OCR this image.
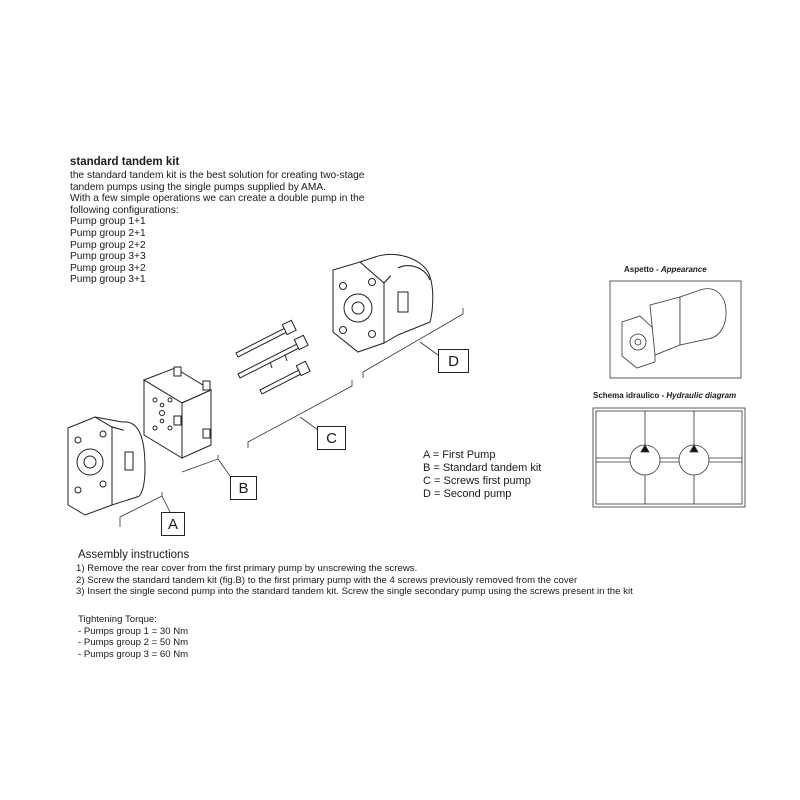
A
B
C
D
standard tandem kit
the standard tandem kit is the best solution for creating two-stage
tandem pumps using the single pumps supplied by AMA.
With a few simple operations we can create a double pump in the
following configurations:
Pump group 1+1
Pump group 2+1
Pump group 2+2
Pump group 3+3
Pump group 3+2
Pump group 3+1
Aspetto - Appearance
Schema idraulico - Hydraulic diagram
A = First Pump
B = Standard tandem kit
C = Screws first pump
D = Second pump
Assembly instructions
1) Remove the rear cover from the first primary pump by unscrewing the screws.
2) Screw the standard tandem kit (fig.B) to the first primary pump with the 4 screws previously removed from the cover
3) Insert the single second pump into the standard tandem kit. Screw the single secondary pump using the screws present in the kit
Tightening Torque:
- Pumps group 1 = 30 Nm
- Pumps group 2 = 50 Nm
- Pumps group 3 = 60 Nm
